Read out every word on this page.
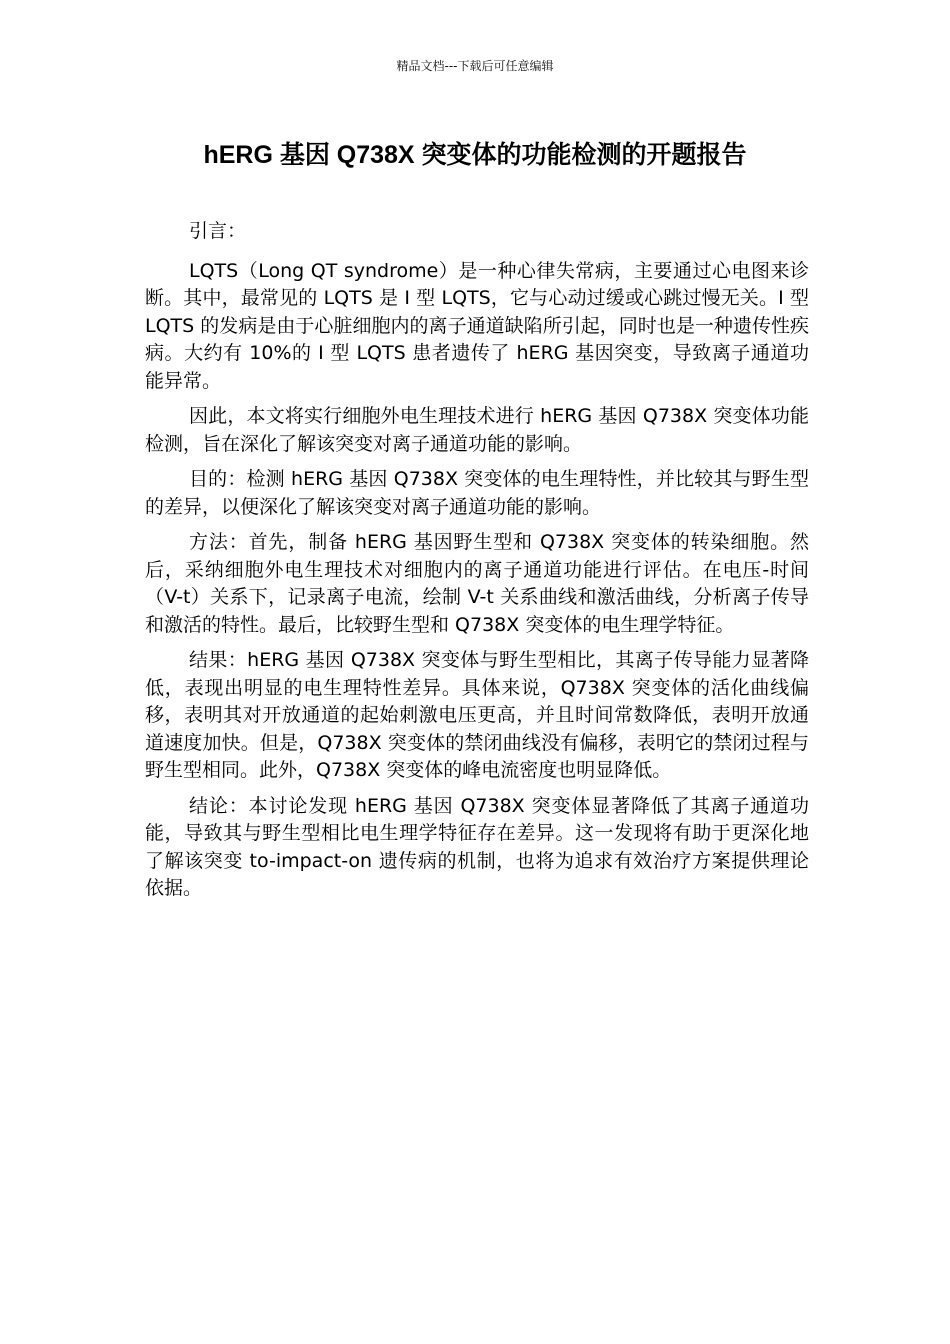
精品文档---下载后可任意编辑
hERG 基因 Q738X 突变体的功能检测的开题报告

引言：

LQTS（Long QT syndrome）是一种心律失常病，主要通过心电图来诊断。其中，最常见的 LQTS 是 I 型 LQTS，它与心动过缓或心跳过慢无关。I 型 LQTS 的发病是由于心脏细胞内的离子通道缺陷所引起，同时也是一种遗传性疾病。大约有 10%的 I 型 LQTS 患者遗传了 hERG 基因突变，导致离子通道功能异常。

因此，本文将实行细胞外电生理技术进行 hERG 基因 Q738X 突变体功能检测，旨在深化了解该突变对离子通道功能的影响。

目的：检测 hERG 基因 Q738X 突变体的电生理特性，并比较其与野生型的差异，以便深化了解该突变对离子通道功能的影响。

方法：首先，制备 hERG 基因野生型和 Q738X 突变体的转染细胞。然后，采纳细胞外电生理技术对细胞内的离子通道功能进行评估。在电压-时间（V-t）关系下，记录离子电流，绘制 V-t 关系曲线和激活曲线，分析离子传导和激活的特性。最后，比较野生型和 Q738X 突变体的电生理学特征。

结果：hERG 基因 Q738X 突变体与野生型相比，其离子传导能力显著降低，表现出明显的电生理特性差异。具体来说，Q738X 突变体的活化曲线偏移，表明其对开放通道的起始刺激电压更高，并且时间常数降低，表明开放通道速度加快。但是，Q738X 突变体的禁闭曲线没有偏移，表明它的禁闭过程与野生型相同。此外，Q738X 突变体的峰电流密度也明显降低。

结论：本讨论发现 hERG 基因 Q738X 突变体显著降低了其离子通道功能，导致其与野生型相比电生理学特征存在差异。这一发现将有助于更深化地了解该突变 to-impact-on 遗传病的机制，也将为追求有效治疗方案提供理论依据。
